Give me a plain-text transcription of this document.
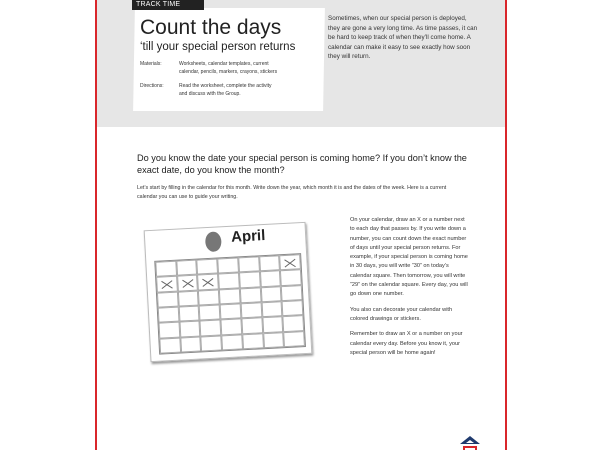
TRACK TIME
Count the days
‘till your special person returns
Materials:	Worksheets, calendar templates, current calendar, pencils, markers, crayons, stickers
Directions:	Read the worksheet, complete the activity and discuss with the Group.
Sometimes, when our special person is deployed, they are gone a very long time. As time passes, it can be hard to keep track of when they’ll come home. A calendar can make it easy to see exactly how soon they will return.
Do you know the date your special person is coming home? If you don’t know the exact date, do you know the month?
Let’s start by filling in the calendar for this month. Write down the year, which month it is and the dates of the week. Here is a current calendar you can use to guide your writing.
April

On your calendar, draw an X or a number next to each day that passes by. If you write down a number, you can count down the exact number of days until your special person returns. For example, if your special person is coming home in 30 days, you will write “30” on today’s calendar square. Then tomorrow, you will write “29” on the calendar square. Every day, you will go down one number.

You also can decorate your calendar with colored drawings or stickers.

Remember to draw an X or a number on your calendar every day. Before you know it, your special person will be home again!
